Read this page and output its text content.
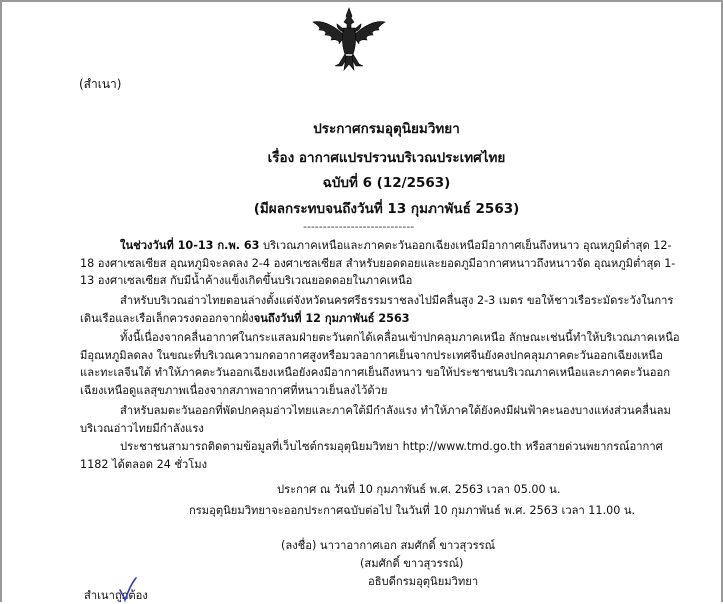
(สำเนา)
ประกาศกรมอุตุนิยมวิทยา
เรื่อง อากาศแปรปรวนบริเวณประเทศไทย
ฉบับที่ 6 (12/2563)
(มีผลกระทบจนถึงวันที่ 13 กุมภาพันธ์ 2563)
----------------------------
ในช่วงวันที่ 10-13 ก.พ. 63 บริเวณภาคเหนือและภาคตะวันออกเฉียงเหนือมีอากาศเย็นถึงหนาว อุณหภูมิต่ำสุด 12-18 องศาเซลเซียส อุณหภูมิจะลดลง 2-4 องศาเซลเซียส สำหรับยอดดอยและยอดภูมีอากาศหนาวถึงหนาวจัด อุณหภูมิต่ำสุด 1-13 องศาเซลเซียส กับมีน้ำค้างแข็งเกิดขึ้นบริเวณยอดดอยในภาคเหนือ
สำหรับบริเวณอ่าวไทยตอนล่างตั้งแต่จังหวัดนครศรีธรรมราชลงไปมีคลื่นสูง 2-3 เมตร ขอให้ชาวเรือระมัดระวังในการเดินเรือและเรือเล็กควรงดออกจากฝั่งจนถึงวันที่ 12 กุมภาพันธ์ 2563
ทั้งนี้เนื่องจากคลื่นอากาศในกระแสลมฝ่ายตะวันตกได้เคลื่อนเข้าปกคลุมภาคเหนือ ลักษณะเช่นนี้ทำให้บริเวณภาคเหนือมีอุณหภูมิลดลง ในขณะที่บริเวณความกดอากาศสูงหรือมวลอากาศเย็นจากประเทศจีนยังคงปกคลุมภาคตะวันออกเฉียงเหนือและทะเลจีนใต้ ทำให้ภาคตะวันออกเฉียงเหนือยังคงมีอากาศเย็นถึงหนาว ขอให้ประชาชนบริเวณภาคเหนือและภาคตะวันออกเฉียงเหนือดูแลสุขภาพเนื่องจากสภาพอากาศที่หนาวเย็นลงไว้ด้วย
สำหรับลมตะวันออกที่พัดปกคลุมอ่าวไทยและภาคใต้มีกำลังแรง ทำให้ภาคใต้ยังคงมีฝนฟ้าคะนองบางแห่งส่วนคลื่นลมบริเวณอ่าวไทยมีกำลังแรง
ประชาชนสามารถติดตามข้อมูลที่เว็บไซต์กรมอุตุนิยมวิทยา http://www.tmd.go.th หรือสายด่วนพยากรณ์อากาศ 1182 ได้ตลอด 24 ชั่วโมง
ประกาศ ณ วันที่ 10 กุมภาพันธ์ พ.ศ. 2563 เวลา 05.00 น.
กรมอุตุนิยมวิทยาจะออกประกาศฉบับต่อไป ในวันที่ 10 กุมภาพันธ์ พ.ศ. 2563 เวลา 11.00 น.
(ลงชื่อ) นาวาอากาศเอก สมศักดิ์ ขาวสุวรรณ์
(สมศักดิ์ ขาวสุวรรณ์)
อธิบดีกรมอุตุนิยมวิทยา
สำเนาถูกต้อง
